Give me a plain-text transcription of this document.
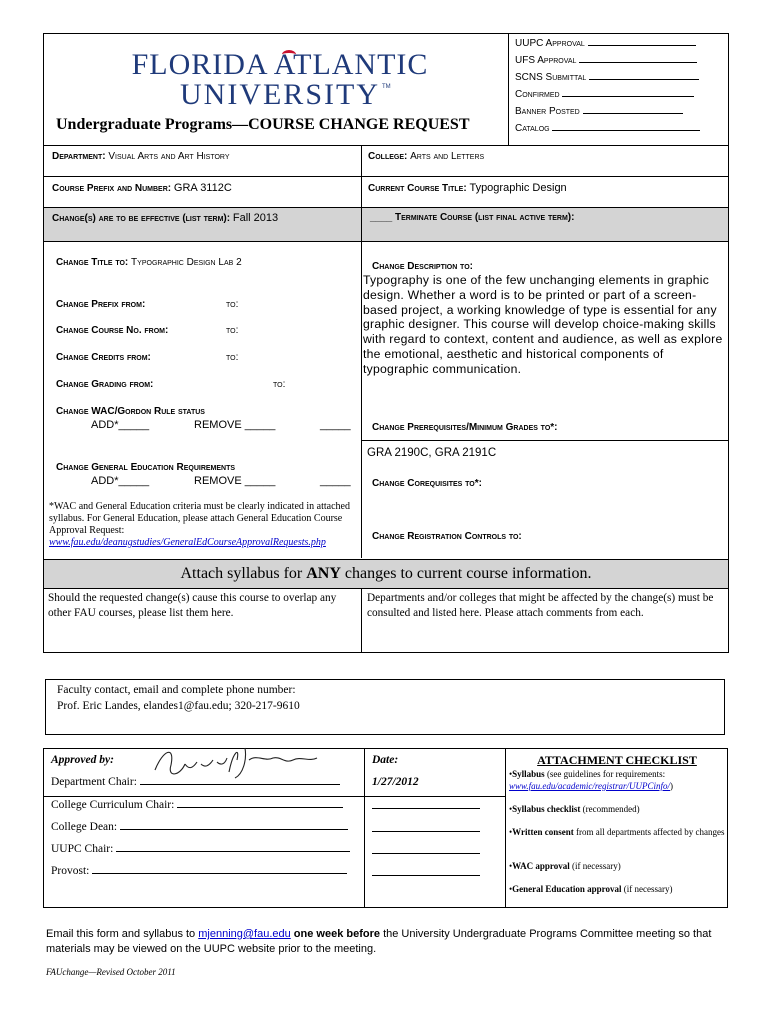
FLORIDA ATLANTIC
UNIVERSITY TM
Undergraduate Programs—COURSE CHANGE REQUEST
UUPC Approval
UFS Approval
SCNS Submittal
Confirmed
Banner Posted
Catalog
Department: Visual Arts and Art History	College: Arts and Letters
Course Prefix and Number: GRA 3112C	Current Course Title: Typographic Design
Change(s) are to be effective (list term): Fall 2013	____ Terminate Course (list final active term):
Change Title to: Typographic Design Lab 2
Change Prefix from:	to:
Change Course No. from:	to:
Change Credits from:	to:
Change Grading from:	to:
Change WAC/Gordon Rule status
ADD*_____	REMOVE _____	_____
Change General Education Requirements
ADD*_____	REMOVE _____	_____
*WAC and General Education criteria must be clearly indicated in attached syllabus. For General Education, please attach General Education Course Approval Request:
www.fau.edu/deanugstudies/GeneralEdCourseApprovalRequests.php
Change Description to:
Typography is one of the few unchanging elements in graphic design. Whether a word is to be printed or part of a screen-based project, a working knowledge of type is essential for any graphic designer. This course will develop choice-making skills with regard to context, content and audience, as well as explore the emotional, aesthetic and historical components of typographic communication.
Change Prerequisites/Minimum Grades to*:
GRA 2190C, GRA 2191C
Change Corequisites to*:
Change Registration Controls to:
Attach syllabus for ANY changes to current course information.
Should the requested change(s) cause this course to overlap any other FAU courses, please list them here.
Departments and/or colleges that might be affected by the change(s) must be consulted and listed here. Please attach comments from each.
Faculty contact, email and complete phone number:
Prof. Eric Landes, elandes1@fau.edu; 320-217-9610
Approved by:	Date:
Department Chair:	1/27/2012
College Curriculum Chair:
College Dean:
UUPC Chair:
Provost:
ATTACHMENT CHECKLIST
•Syllabus (see guidelines for requirements: www.fau.edu/academic/registrar/UUPCinfo/)
•Syllabus checklist (recommended)
•Written consent from all departments affected by changes
•WAC approval (if necessary)
•General Education approval (if necessary)
Email this form and syllabus to mjenning@fau.edu one week before the University Undergraduate Programs Committee meeting so that materials may be viewed on the UUPC website prior to the meeting.
FAUchange—Revised October 2011
